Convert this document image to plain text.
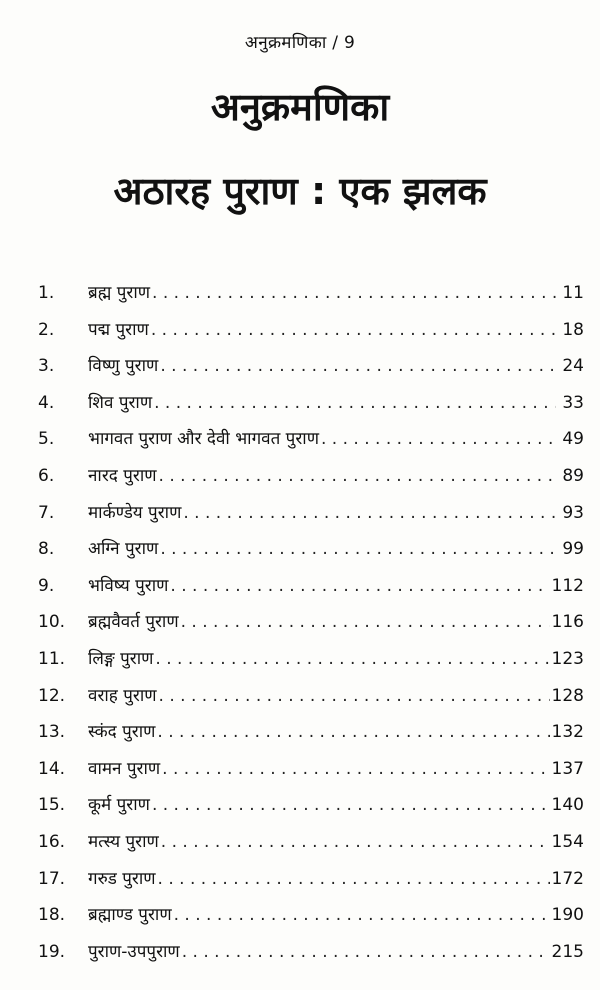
अनुक्रमणिका / 9
अनुक्रमणिका
अठारह पुराण : एक झलक
1.	ब्रह्म पुराण . . .	11
2.	पद्म पुराण . . .	18
3.	विष्णु पुराण . . .	24
4.	शिव पुराण . . .	33
5.	भागवत पुराण और देवी भागवत पुराण . . .	49
6.	नारद पुराण . . .	89
7.	मार्कण्डेय पुराण . . .	93
8.	अग्नि पुराण . . .	99
9.	भविष्य पुराण . . .	112
10.	ब्रह्मवैवर्त पुराण . . .	116
11.	लिङ्ग पुराण . . .	123
12.	वराह पुराण . . .	128
13.	स्कंद पुराण . . .	132
14.	वामन पुराण . . .	137
15.	कूर्म पुराण . . .	140
16.	मत्स्य पुराण . . .	154
17.	गरुड पुराण . . .	172
18.	ब्रह्माण्ड पुराण . . .	190
19.	पुराण-उपपुराण . . .	215
